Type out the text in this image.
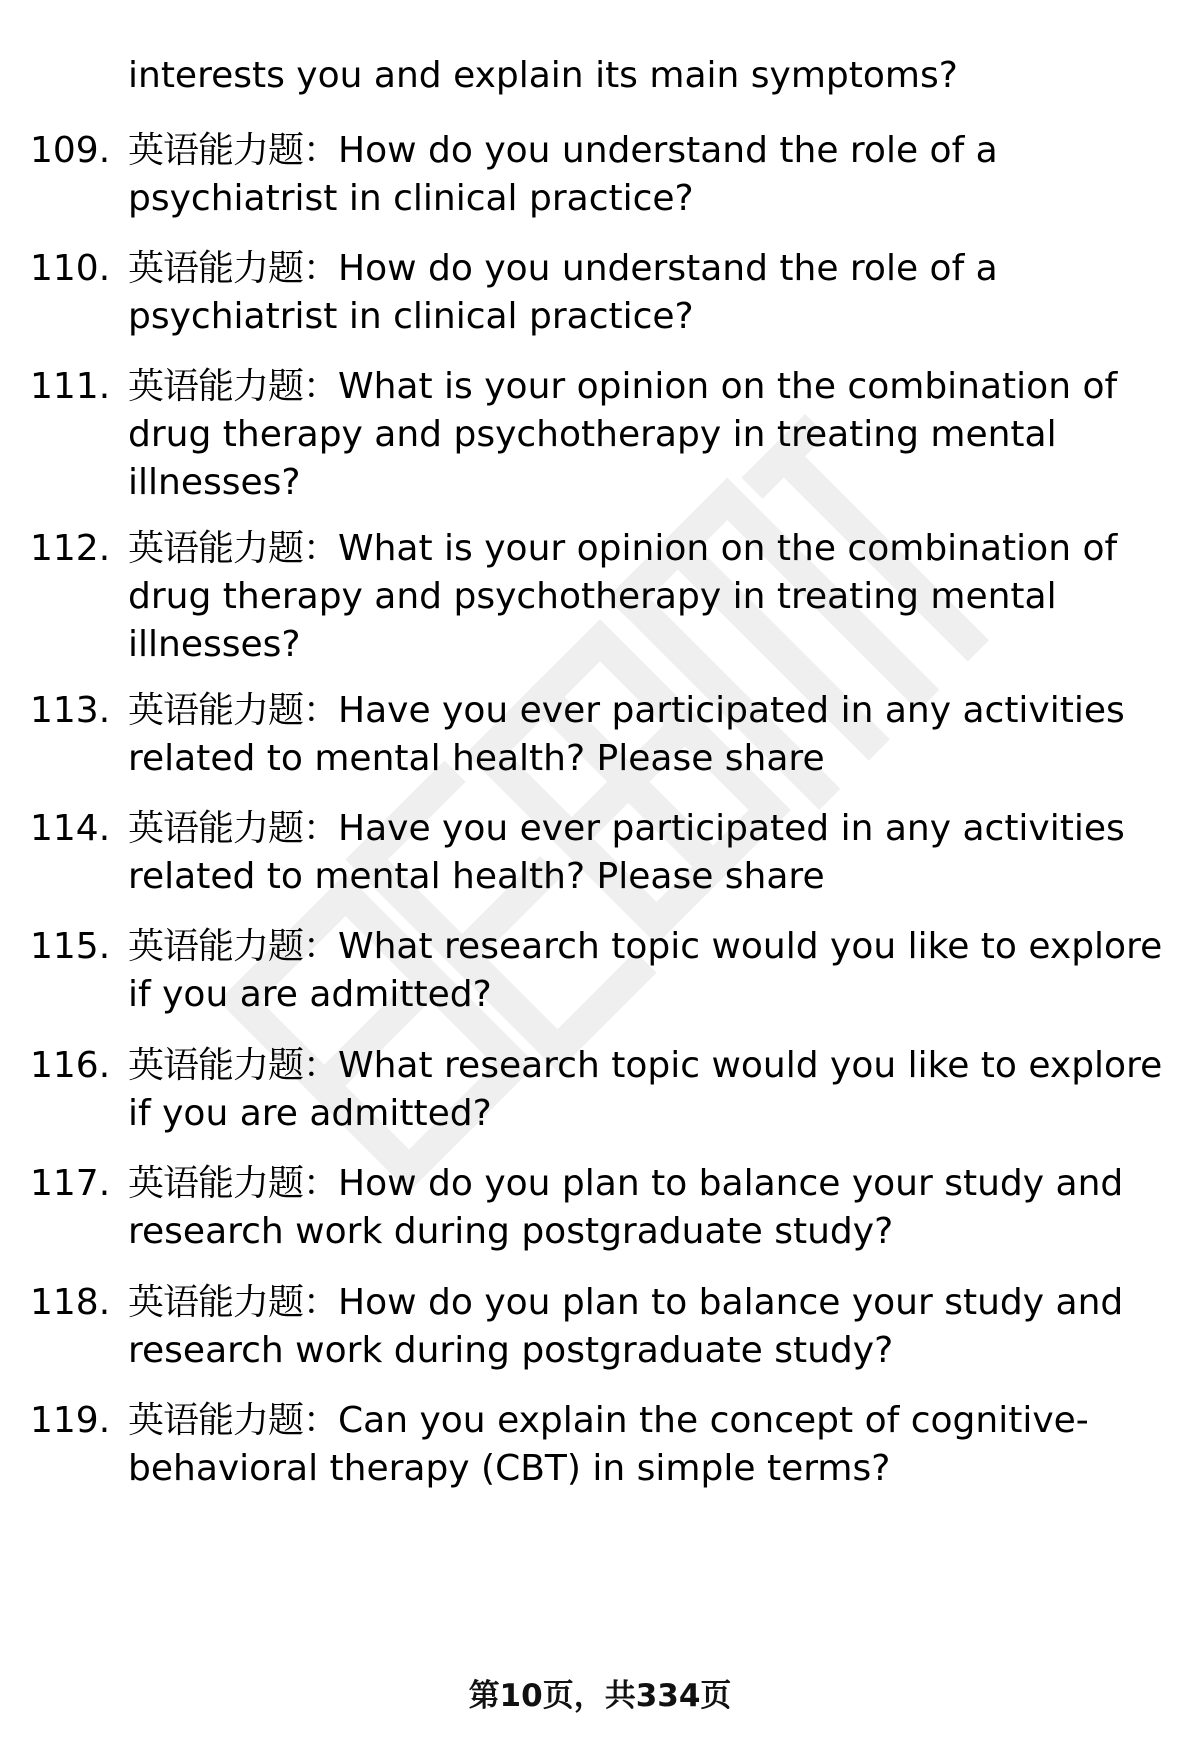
interests you and explain its main symptoms?
109. 英语能力题：How do you understand the role of a
psychiatrist in clinical practice?
110. 英语能力题：How do you understand the role of a
psychiatrist in clinical practice?
111. 英语能力题：What is your opinion on the combination of
drug therapy and psychotherapy in treating mental
illnesses?
112. 英语能力题：What is your opinion on the combination of
drug therapy and psychotherapy in treating mental
illnesses?
113. 英语能力题：Have you ever participated in any activities
related to mental health? Please share
114. 英语能力题：Have you ever participated in any activities
related to mental health? Please share
115. 英语能力题：What research topic would you like to explore
if you are admitted?
116. 英语能力题：What research topic would you like to explore
if you are admitted?
117. 英语能力题：How do you plan to balance your study and
research work during postgraduate study?
118. 英语能力题：How do you plan to balance your study and
research work during postgraduate study?
119. 英语能力题：Can you explain the concept of cognitive-
behavioral therapy (CBT) in simple terms?
第10页，共334页
